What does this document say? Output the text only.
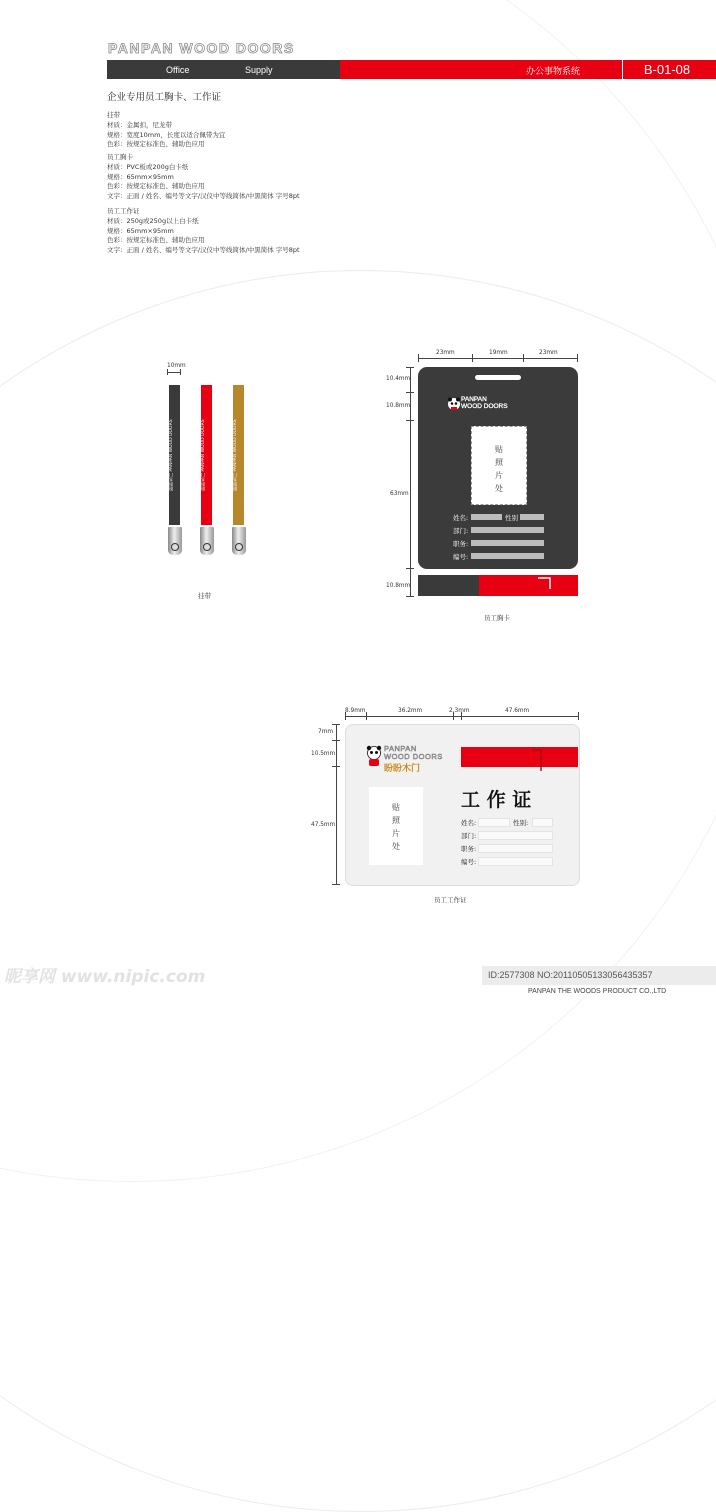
PANPAN WOOD DOORS
Office	Supply	办公事物系统	B-01-08
企业专用员工胸卡、工作证
挂带
材质：金属扣，尼龙带
规格：宽度10mm，长度以适合佩带为宜
色彩：按规定标准色、辅助色应用
员工胸卡
材质：PVC板或200g白卡纸
规格：65mm×95mm
色彩：按规定标准色、辅助色应用
文字：正面 / 姓名、编号等文字/汉仪中等线简体/中黑简体 字号8pt
员工工作证
材质：250g或250g以上白卡纸
规格：65mm×95mm
色彩：按规定标准色、辅助色应用
文字：正面 / 姓名、编号等文字/汉仪中等线简体/中黑简体 字号8pt
10mm
盼盼木门 PANPAN WOOD DOORS	盼盼木门 PANPAN WOOD DOORS	盼盼木门 PANPAN WOOD DOORS
挂带
23mm	19mm	23mm
10.4mm
10.8mm
63mm
10.8mm
PANPAN
WOOD DOORS
贴
照
片
处
姓名:	性别
部门:
职务:
编号:
员工胸卡
8.9mm	36.2mm	2.3mm	47.6mm
7mm
10.5mm
47.5mm
PANPAN
WOOD DOORS
盼盼木门
贴
照
片
处
工 作 证
姓名:	性别:
部门:
职务:
编号:
员工工作证
昵享网 www.nipic.com	ID:2577308 NO:20110505133056435357
PANPAN THE WOODS PRODUCT CO.,LTD
